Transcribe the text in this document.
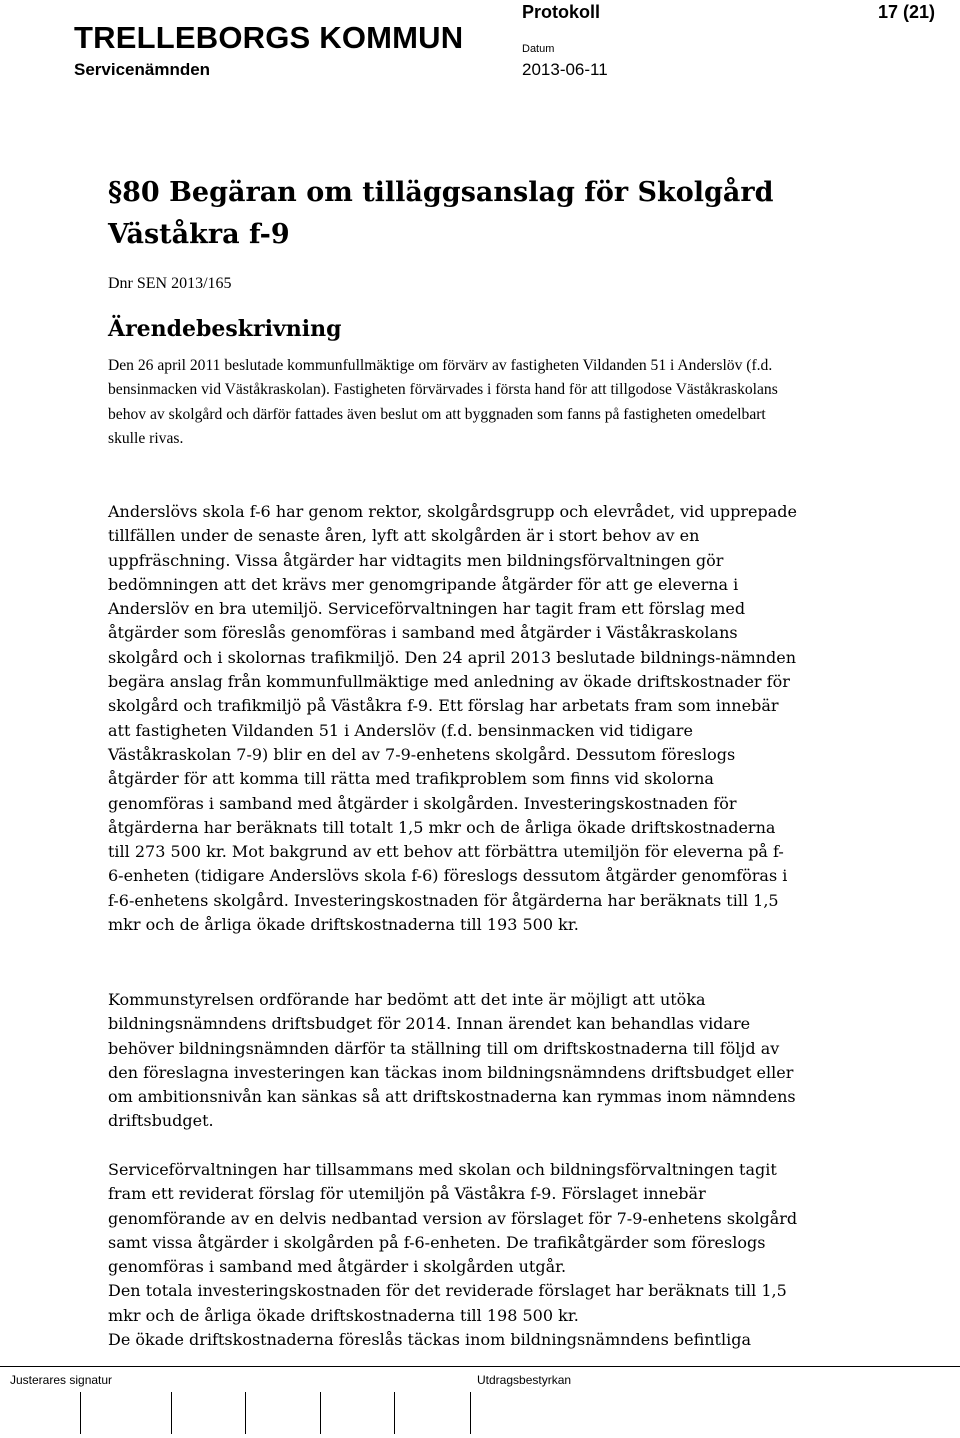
TRELLEBORGS KOMMUN
Servicenämnden
Protokoll	17 (21)
Datum
2013-06-11
§80 Begäran om tilläggsanslag för Skolgård Väståkra f-9
Dnr SEN 2013/165
Ärendebeskrivning

Den 26 april 2011 beslutade kommunfullmäktige om förvärv av fastigheten Vildanden 51 i Anderslöv (f.d. bensinmacken vid Väståkraskolan). Fastigheten förvärvades i första hand för att tillgodose Väståkraskolans behov av skolgård och därför fattades även beslut om att byggnaden som fanns på fastigheten omedelbart skulle rivas.

Anderslövs skola f-6 har genom rektor, skolgårdsgrupp och elevrådet, vid upprepade tillfällen under de senaste åren, lyft att skolgården är i stort behov av en uppfräschning. Vissa åtgärder har vidtagits men bildningsförvaltningen gör bedömningen att det krävs mer genomgripande åtgärder för att ge eleverna i Anderslöv en bra utemiljö. Serviceförvaltningen har tagit fram ett förslag med åtgärder som föreslås genomföras i samband med åtgärder i Väståkraskolans skolgård och i skolornas trafikmiljö. Den 24 april 2013 beslutade bildnings-nämnden begära anslag från kommunfullmäktige med anledning av ökade driftskostnader för skolgård och trafikmiljö på Väståkra f-9. Ett förslag har arbetats fram som innebär att fastigheten Vildanden 51 i Anderslöv (f.d. bensinmacken vid tidigare Väståkraskolan 7-9) blir en del av 7-9-enhetens skolgård. Dessutom föreslogs åtgärder för att komma till rätta med trafikproblem som finns vid skolorna genomföras i samband med åtgärder i skolgården. Investeringskostnaden för åtgärderna har beräknats till totalt 1,5 mkr och de årliga ökade driftskostnaderna till 273 500 kr. Mot bakgrund av ett behov att förbättra utemiljön för eleverna på f-6-enheten (tidigare Anderslövs skola f-6) föreslogs dessutom åtgärder genomföras i f-6-enhetens skolgård. Investeringskostnaden för åtgärderna har beräknats till 1,5 mkr och de årliga ökade driftskostnaderna till 193 500 kr.

Kommunstyrelsen ordförande har bedömt att det inte är möjligt att utöka bildningsnämndens driftsbudget för 2014. Innan ärendet kan behandlas vidare behöver bildningsnämnden därför ta ställning till om driftskostnaderna till följd av den föreslagna investeringen kan täckas inom bildningsnämndens driftsbudget eller om ambitionsnivån kan sänkas så att driftskostnaderna kan rymmas inom nämndens driftsbudget.

Serviceförvaltningen har tillsammans med skolan och bildningsförvaltningen tagit fram ett reviderat förslag för utemiljön på Väståkra f-9. Förslaget innebär genomförande av en delvis nedbantad version av förslaget för 7-9-enhetens skolgård samt vissa åtgärder i skolgården på f-6-enheten. De trafikåtgärder som föreslogs genomföras i samband med åtgärder i skolgården utgår.

Den totala investeringskostnaden för det reviderade förslaget har beräknats till 1,5 mkr och de årliga ökade driftskostnaderna till 198 500 kr.

De ökade driftskostnaderna föreslås täckas inom bildningsnämndens befintliga

Justerares signatur	Utdragsbestyrkan
